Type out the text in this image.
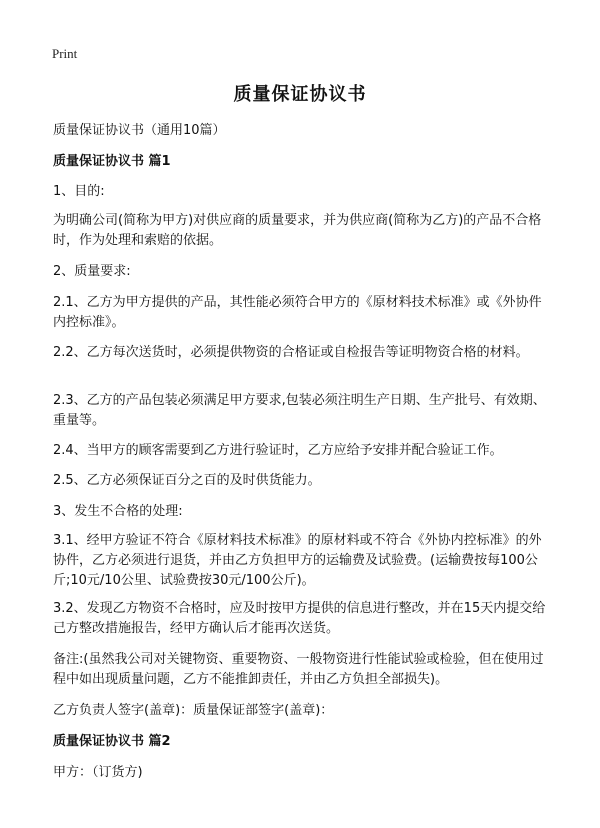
Print
质量保证协议书
质量保证协议书（通用10篇）
质量保证协议书 篇1
1、目的:
为明确公司(简称为甲方)对供应商的质量要求，并为供应商(简称为乙方)的产品不合格时，作为处理和索赔的依据。
2、质量要求:
2.1、乙方为甲方提供的产品，其性能必须符合甲方的《原材料技术标准》或《外协件内控标准》。
2.2、乙方每次送货时，必须提供物资的合格证或自检报告等证明物资合格的材料。
2.3、乙方的产品包装必须满足甲方要求,包装必须注明生产日期、生产批号、有效期、重量等。
2.4、当甲方的顾客需要到乙方进行验证时，乙方应给予安排并配合验证工作。
2.5、乙方必须保证百分之百的及时供货能力。
3、发生不合格的处理:
3.1、经甲方验证不符合《原材料技术标准》的原材料或不符合《外协内控标准》的外协件，乙方必须进行退货，并由乙方负担甲方的运输费及试验费。(运输费按每100公斤;10元/10公里、试验费按30元/100公斤)。
3.2、发现乙方物资不合格时，应及时按甲方提供的信息进行整改，并在15天内提交给己方整改措施报告，经甲方确认后才能再次送货。
备注:(虽然我公司对关键物资、重要物资、一般物资进行性能试验或检验，但在使用过程中如出现质量问题，乙方不能推卸责任，并由乙方负担全部损失)。
乙方负责人签字(盖章)：质量保证部签字(盖章)：
质量保证协议书 篇2
甲方：（订货方)
